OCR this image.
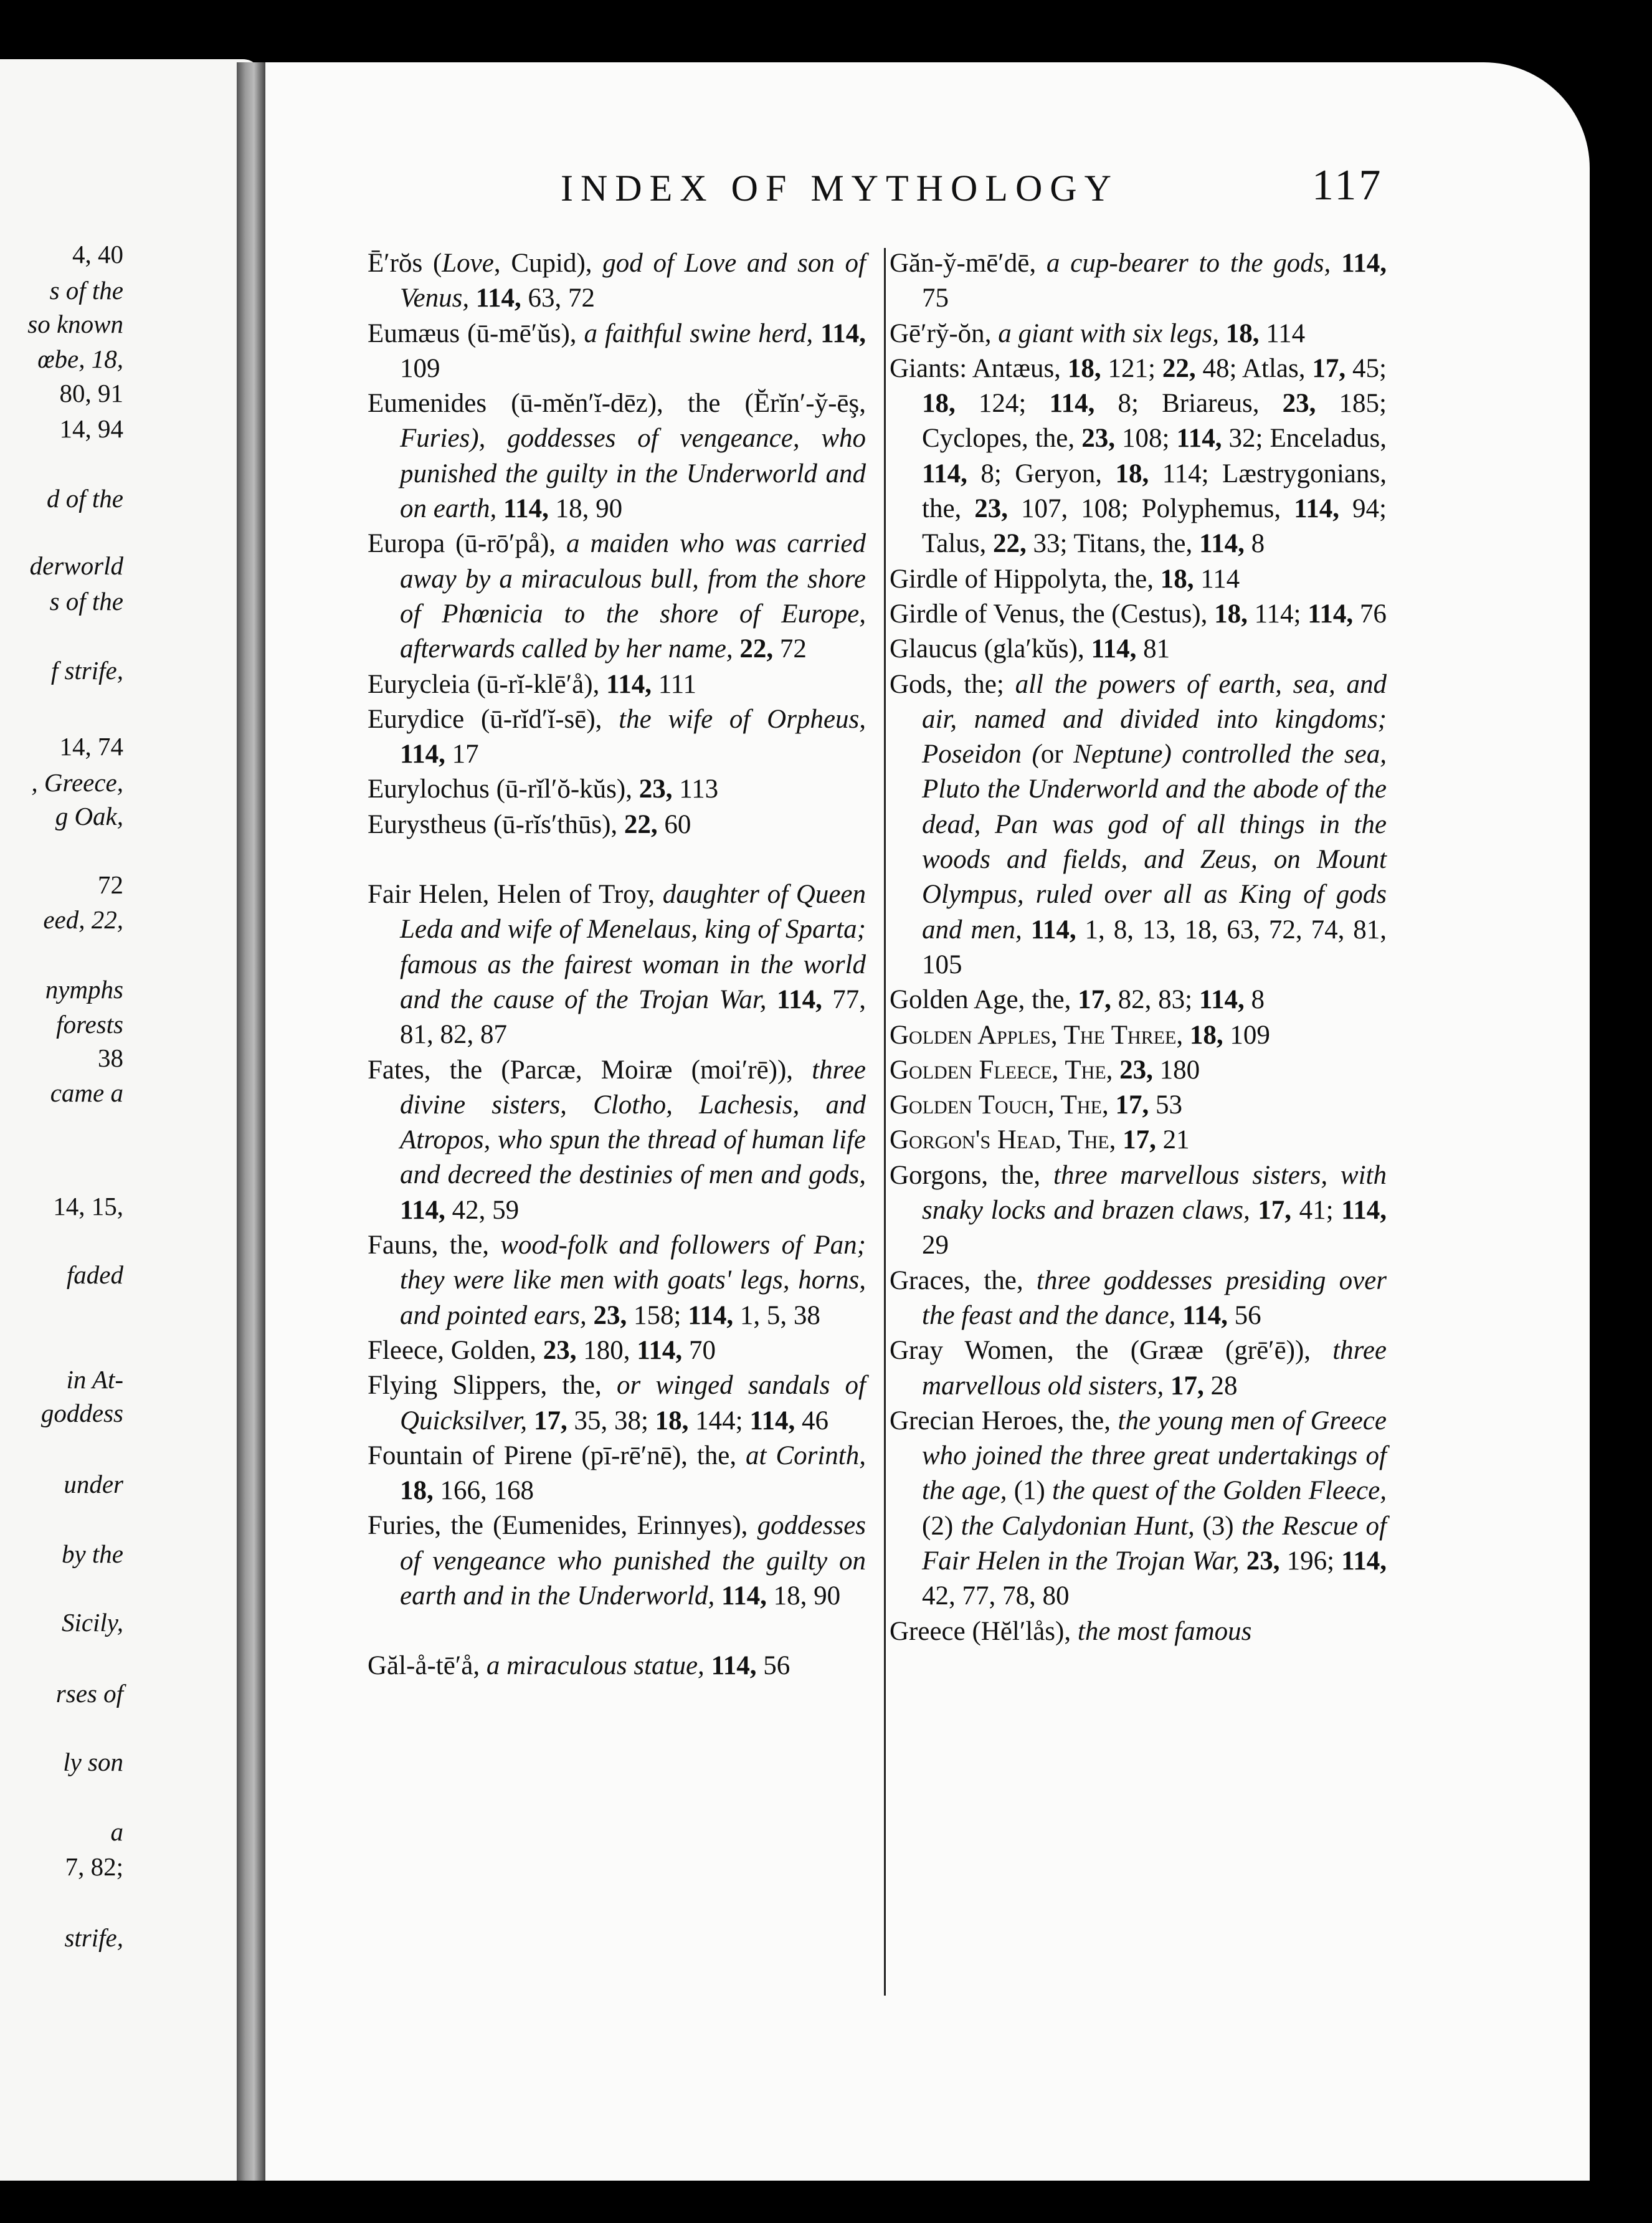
4, 40
s of the
so known
œbe, 18,
80, 91
14, 94
d of the
derworld
s of the
f strife,
14, 74
, Greece,
g Oak,
72
eed, 22,
nymphs
forests
38
came a
14, 15,
faded
in At-
goddess
under
by the
Sicily,
rses of
ly son
a
7, 82;
strife,
INDEX OF MYTHOLOGY	117
Ē′rŏs (Love, Cupid), god of Love and son of Venus, 114, 63, 72
Eumæus (ū-mē′ŭs), a faithful swine herd, 114, 109
Eumenides (ū-mĕn′ĭ-dēz), the (Ĕrĭn′-y̆-ēş, Furies), goddesses of vengeance, who punished the guilty in the Underworld and on earth, 114, 18, 90
Europa (ū-rō′på), a maiden who was carried away by a miraculous bull, from the shore of Phœnicia to the shore of Europe, afterwards called by her name, 22, 72
Eurycleia (ū-rĭ-klē′å), 114, 111
Eurydice (ū-rĭd′ĭ-sē), the wife of Orpheus, 114, 17
Eurylochus (ū-rĭl′ŏ-kŭs), 23, 113
Eurystheus (ū-rĭs′thūs), 22, 60
Fair Helen, Helen of Troy, daughter of Queen Leda and wife of Menelaus, king of Sparta; famous as the fairest woman in the world and the cause of the Trojan War, 114, 77, 81, 82, 87
Fates, the (Parcæ, Moiræ (moi′rē)), three divine sisters, Clotho, Lachesis, and Atropos, who spun the thread of human life and decreed the destinies of men and gods, 114, 42, 59
Fauns, the, wood-folk and followers of Pan; they were like men with goats' legs, horns, and pointed ears, 23, 158; 114, 1, 5, 38
Fleece, Golden, 23, 180, 114, 70
Flying Slippers, the, or winged sandals of Quicksilver, 17, 35, 38; 18, 144; 114, 46
Fountain of Pirene (pī-rē′nē), the, at Corinth, 18, 166, 168
Furies, the (Eumenides, Erinnyes), goddesses of vengeance who punished the guilty on earth and in the Underworld, 114, 18, 90
Găl-å-tē′å, a miraculous statue, 114, 56
Găn-y̆-mē′dē, a cup-bearer to the gods, 114, 75
Gē′ry̆-ŏn, a giant with six legs, 18, 114
Giants: Antæus, 18, 121; 22, 48; Atlas, 17, 45; 18, 124; 114, 8; Briareus, 23, 185; Cyclopes, the, 23, 108; 114, 32; Enceladus, 114, 8; Geryon, 18, 114; Læstrygonians, the, 23, 107, 108; Polyphemus, 114, 94; Talus, 22, 33; Titans, the, 114, 8
Girdle of Hippolyta, the, 18, 114
Girdle of Venus, the (Cestus), 18, 114; 114, 76
Glaucus (gla′kŭs), 114, 81
Gods, the; all the powers of earth, sea, and air, named and divided into kingdoms; Poseidon (or Neptune) controlled the sea, Pluto the Underworld and the abode of the dead, Pan was god of all things in the woods and fields, and Zeus, on Mount Olympus, ruled over all as King of gods and men, 114, 1, 8, 13, 18, 63, 72, 74, 81, 105
Golden Age, the, 17, 82, 83; 114, 8
Golden Apples, The Three, 18, 109
Golden Fleece, The, 23, 180
Golden Touch, The, 17, 53
Gorgon's Head, The, 17, 21
Gorgons, the, three marvellous sisters, with snaky locks and brazen claws, 17, 41; 114, 29
Graces, the, three goddesses presiding over the feast and the dance, 114, 56
Gray Women, the (Grææ (grē′ē)), three marvellous old sisters, 17, 28
Grecian Heroes, the, the young men of Greece who joined the three great undertakings of the age, (1) the quest of the Golden Fleece, (2) the Calydonian Hunt, (3) the Rescue of Fair Helen in the Trojan War, 23, 196; 114, 42, 77, 78, 80
Greece (Hĕl′lås), the most famous
